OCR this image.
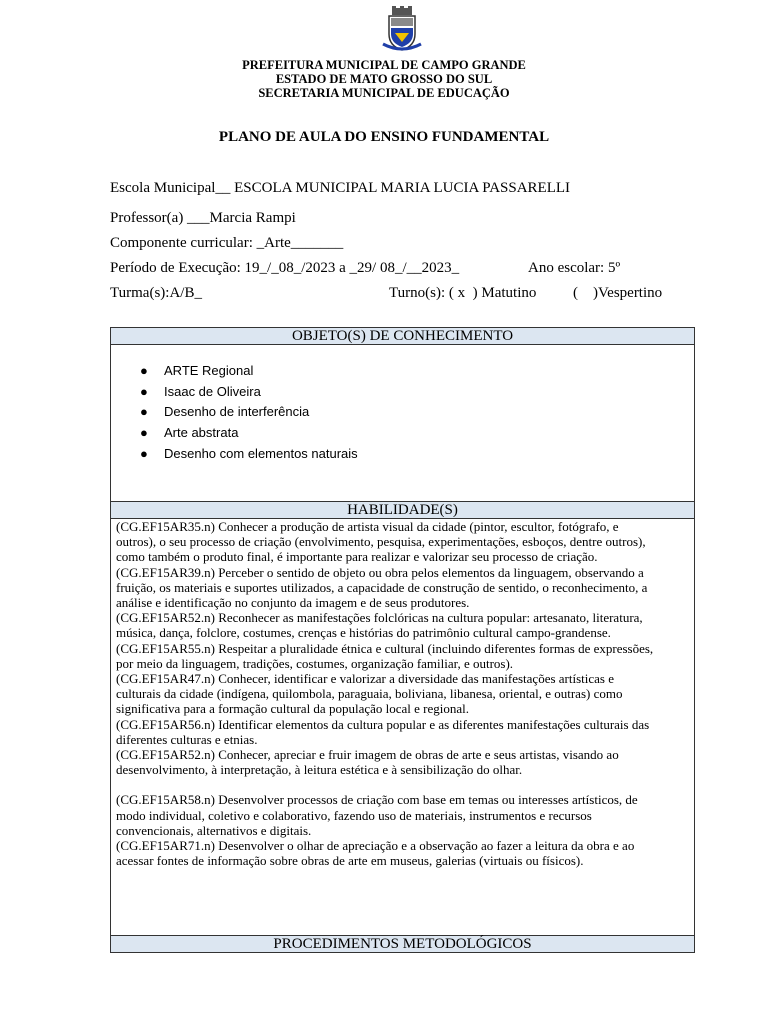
PREFEITURA MUNICIPAL DE CAMPO GRANDE
ESTADO DE MATO GROSSO DO SUL
SECRETARIA MUNICIPAL DE EDUCAÇÃO
PLANO DE AULA DO ENSINO FUNDAMENTAL
Escola Municipal__ ESCOLA MUNICIPAL MARIA LUCIA PASSARELLI
Professor(a) ___Marcia Rampi
Componente curricular: _Arte_______
Período de Execução: 19_/_08_/2023 a _29/ 08_/__2023_	Ano escolar: 5º
Turma(s):A/B_	Turno(s): ( x  ) Matutino (    )Vespertino
OBJETO(S) DE CONHECIMENTO
● ARTE Regional
● Isaac de Oliveira
● Desenho de interferência
● Arte abstrata
● Desenho com elementos naturais
HABILIDADE(S)

(CG.EF15AR35.n) Conhecer a produção de artista visual da cidade (pintor, escultor, fotógrafo, e outros), o seu processo de criação (envolvimento, pesquisa, experimentações, esboços, dentre outros), como também o produto final, é importante para realizar e valorizar seu processo de criação.

(CG.EF15AR39.n) Perceber o sentido de objeto ou obra pelos elementos da linguagem, observando a fruição, os materiais e suportes utilizados, a capacidade de construção de sentido, o reconhecimento, a análise e identificação no conjunto da imagem e de seus produtores.

(CG.EF15AR52.n) Reconhecer as manifestações folclóricas na cultura popular: artesanato, literatura, música, dança, folclore, costumes, crenças e histórias do patrimônio cultural campo-grandense.

(CG.EF15AR55.n) Respeitar a pluralidade étnica e cultural (incluindo diferentes formas de expressões, por meio da linguagem, tradições, costumes, organização familiar, e outros).

(CG.EF15AR47.n) Conhecer, identificar e valorizar a diversidade das manifestações artísticas e culturais da cidade (indígena, quilombola, paraguaia, boliviana, libanesa, oriental, e outras) como significativa para a formação cultural da população local e regional.

(CG.EF15AR56.n) Identificar elementos da cultura popular e as diferentes manifestações culturais das diferentes culturas e etnias.

(CG.EF15AR52.n) Conhecer, apreciar e fruir imagem de obras de arte e seus artistas, visando ao desenvolvimento, à interpretação, à leitura estética e à sensibilização do olhar.

(CG.EF15AR58.n) Desenvolver processos de criação com base em temas ou interesses artísticos, de modo individual, coletivo e colaborativo, fazendo uso de materiais, instrumentos e recursos convencionais, alternativos e digitais.

(CG.EF15AR71.n) Desenvolver o olhar de apreciação e a observação ao fazer a leitura da obra e ao acessar fontes de informação sobre obras de arte em museus, galerias (virtuais ou físicos).

PROCEDIMENTOS METODOLÓGICOS
